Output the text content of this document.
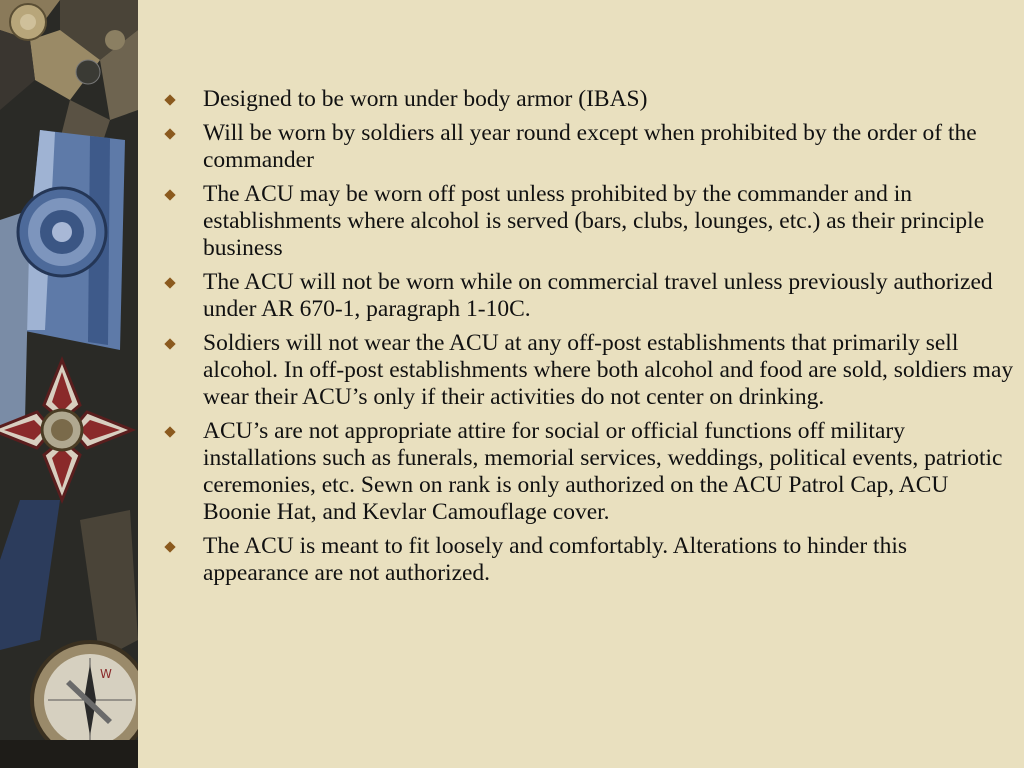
W
Designed to be worn under body armor (IBAS)
Will be worn by soldiers all year round except when prohibited by the order of the commander
The ACU may be worn off post unless prohibited by the commander and in establishments where alcohol is served (bars, clubs, lounges, etc.) as their principle business
The ACU will not be worn while on commercial travel unless previously authorized under AR 670-1, paragraph 1-10C.
Soldiers will not wear the ACU at any off-post establishments that primarily sell alcohol. In off-post establishments where both alcohol and food are sold, soldiers may wear their ACU’s only if their activities do not center on drinking.
ACU’s are not appropriate attire for social or official functions off military installations such as funerals, memorial services, weddings, political events, patriotic ceremonies, etc. Sewn on rank is only authorized on the ACU Patrol Cap, ACU Boonie Hat, and Kevlar Camouflage cover.
The ACU is meant to fit loosely and comfortably. Alterations to hinder this appearance are not authorized.
